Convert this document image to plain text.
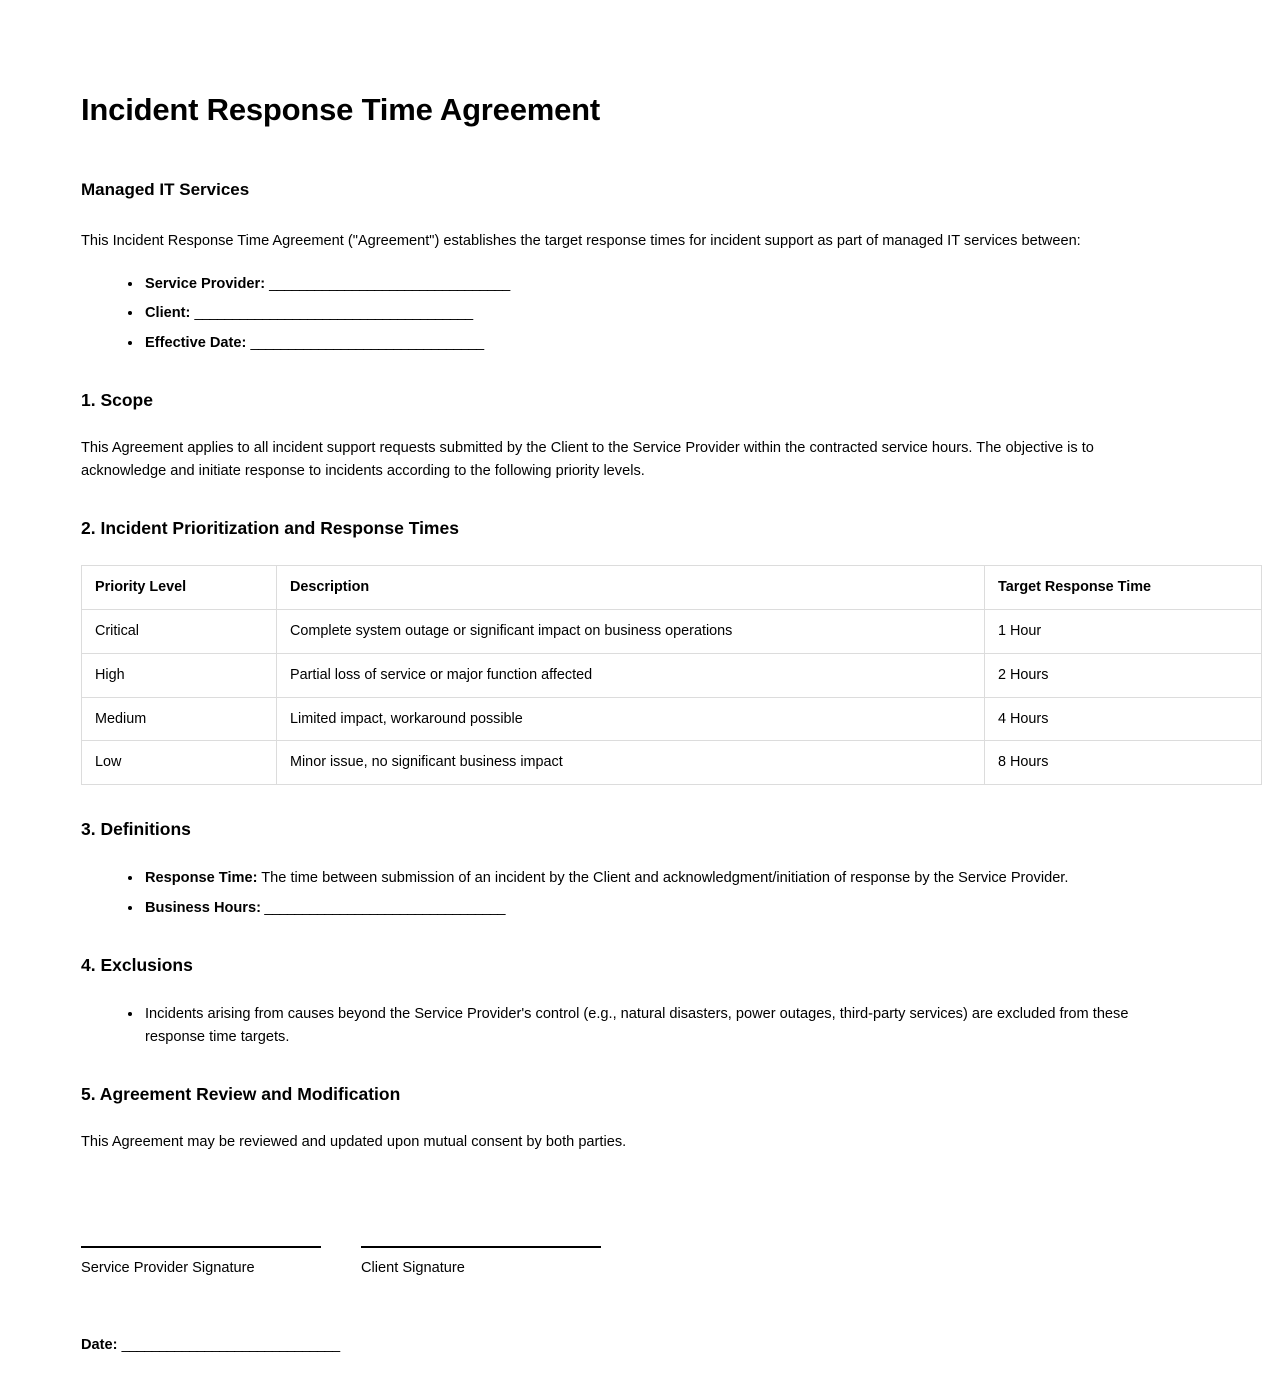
Incident Response Time Agreement
Managed IT Services

This Incident Response Time Agreement ("Agreement") establishes the target response times for incident support as part of managed IT services between:

• Service Provider: ________________________________
• Client: _____________________________________
• Effective Date: _______________________________
1. Scope

This Agreement applies to all incident support requests submitted by the Client to the Service Provider within the contracted service hours. The objective is to acknowledge and initiate response to incidents according to the following priority levels.

2. Incident Prioritization and Response Times
Priority Level	Description	Target Response Time
Critical	Complete system outage or significant impact on business operations	1 Hour
High	Partial loss of service or major function affected	2 Hours
Medium	Limited impact, workaround possible	4 Hours
Low	Minor issue, no significant business impact	8 Hours
3. Definitions
• Response Time: The time between submission of an incident by the Client and acknowledgment/initiation of response by the Service Provider.
• Business Hours: ________________________________
4. Exclusions
• Incidents arising from causes beyond the Service Provider's control (e.g., natural disasters, power outages, third-party services) are excluded from these response time targets.
5. Agreement Review and Modification

This Agreement may be reviewed and updated upon mutual consent by both parties.

Service Provider Signature	Client Signature
Date: _____________________________
